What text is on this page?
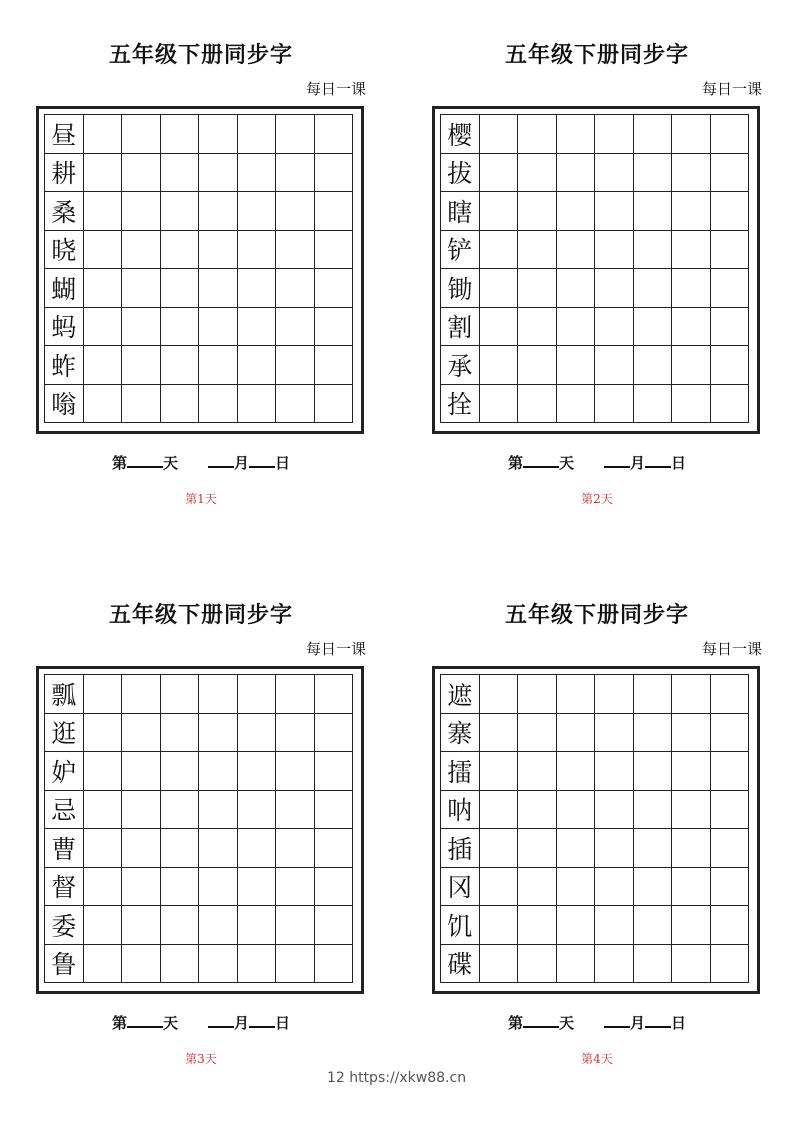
12 https://xkw88.cn
五年级下册同步字
每日一课
昼
耕
桑
晓
蝴
蚂
蚱
嗡
第 天	月 日
第1天
五年级下册同步字
每日一课
樱
拔
瞎
铲
锄
割
承
拴
第 天	月 日
第2天
五年级下册同步字
每日一课
瓢
逛
妒
忌
曹
督
委
鲁
第 天	月 日
第3天
五年级下册同步字
每日一课
遮
寨
擂
呐
插
冈
饥
碟
第 天	月 日
第4天
